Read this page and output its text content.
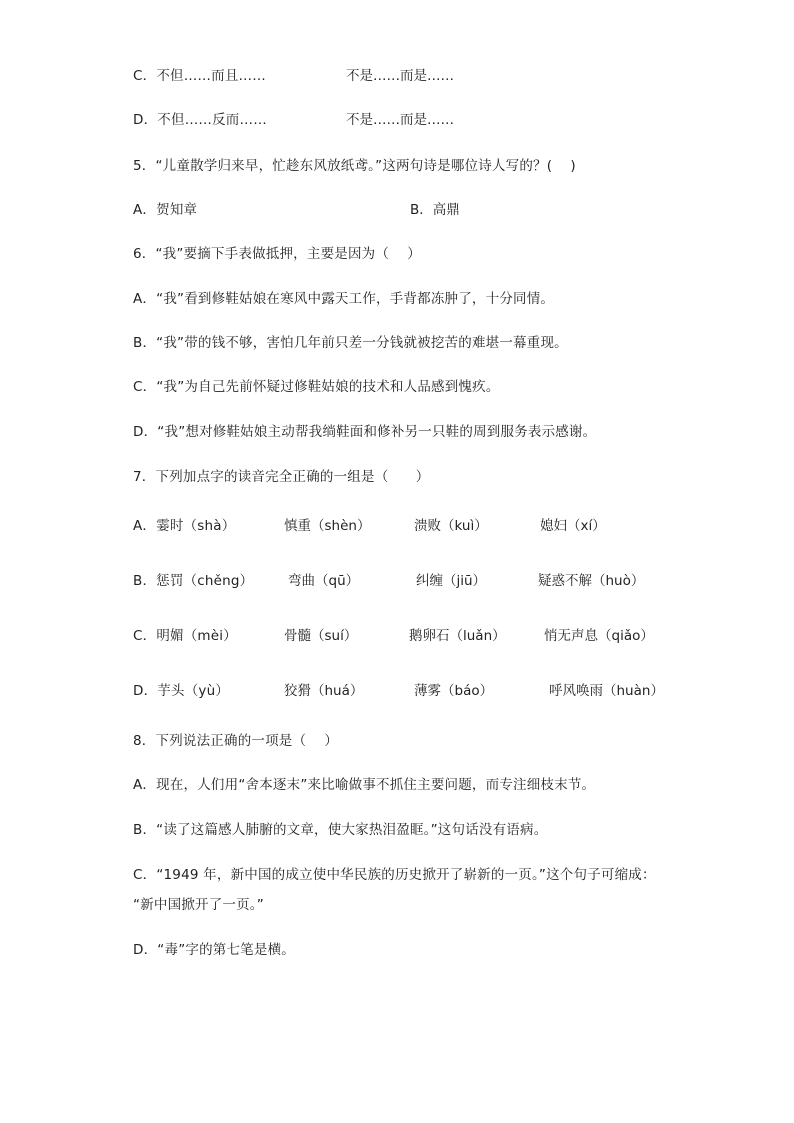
C．不但……而且……	不是……而是……
D．不但……反而……	不是……而是……
5．“儿童散学归来早，忙趁东风放纸鸢。”这两句诗是哪位诗人写的？(　 )
A．贺知章	B．高鼎
6．“我”要摘下手表做抵押，主要是因为（　 ）
A．“我”看到修鞋姑娘在寒风中露天工作，手背都冻肿了，十分同情。
B．“我”带的钱不够，害怕几年前只差一分钱就被挖苦的难堪一幕重现。
C．“我”为自己先前怀疑过修鞋姑娘的技术和人品感到愧疚。
D．“我”想对修鞋姑娘主动帮我绱鞋面和修补另一只鞋的周到服务表示感谢。
7．下列加点字的读音完全正确的一组是（　　）
A．霎时（shà）	慎重（shèn）	溃败（kuì）	媳妇（xí）
B．惩罚（chěng）	弯曲（qū）	纠缠（jiū）	疑惑不解（huò）
C．明媚（mèi）	骨髓（suí）	鹅卵石（luǎn）	悄无声息（qiǎo）
D．芋头（yù）	狡猾（huá）	薄雾（báo）	呼风唤雨（huàn）
8．下列说法正确的一项是（　 ）
A．现在，人们用“舍本逐末”来比喻做事不抓住主要问题，而专注细枝末节。
B．“读了这篇感人肺腑的文章，使大家热泪盈眶。”这句话没有语病。
C．“1949 年，新中国的成立使中华民族的历史掀开了崭新的一页。”这个句子可缩成：
“新中国掀开了一页。”
D．“毒”字的第七笔是横。
